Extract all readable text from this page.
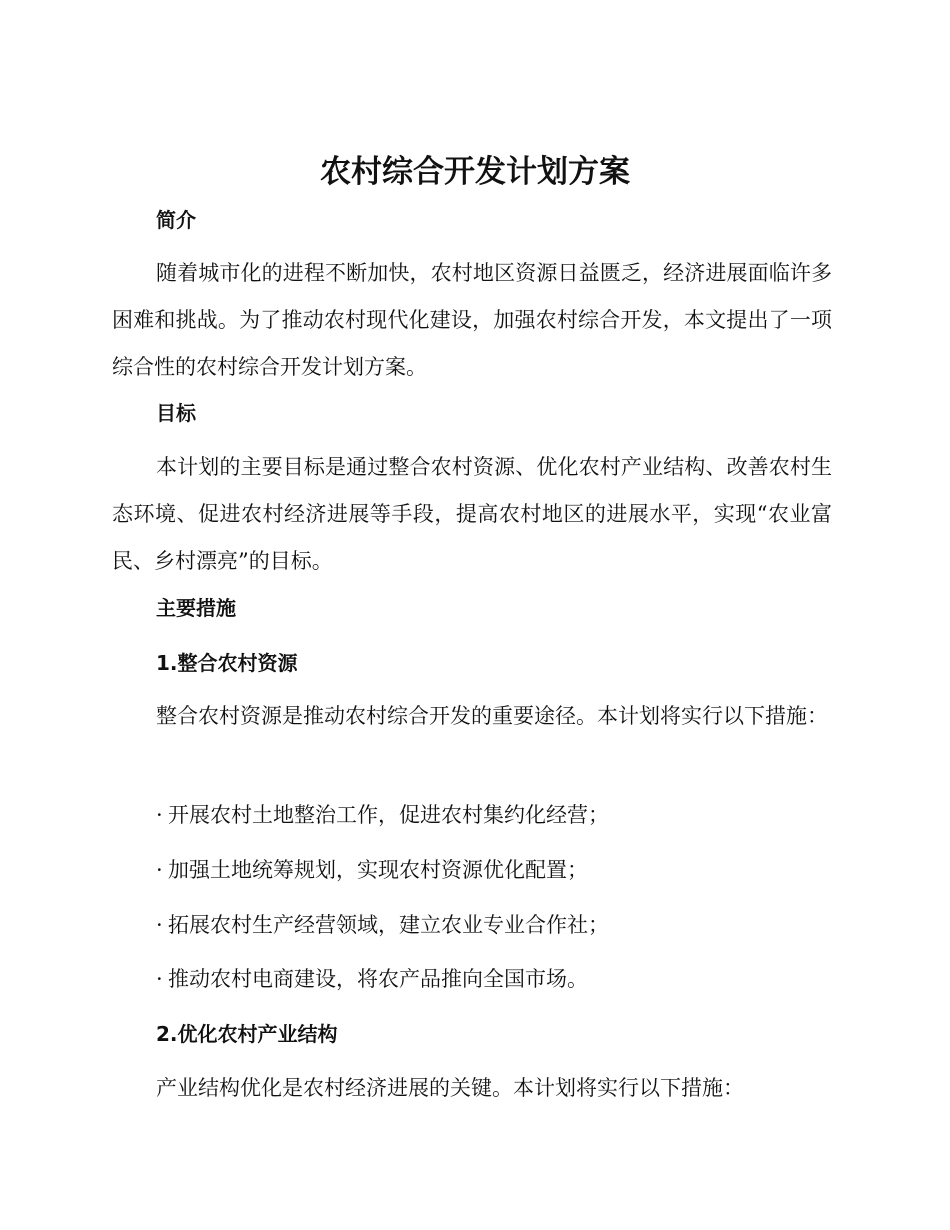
农村综合开发计划方案
简介

随着城市化的进程不断加快，农村地区资源日益匮乏，经济进展面临许多困难和挑战。为了推动农村现代化建设，加强农村综合开发，本文提出了一项综合性的农村综合开发计划方案。

目标

本计划的主要目标是通过整合农村资源、优化农村产业结构、改善农村生态环境、促进农村经济进展等手段，提高农村地区的进展水平，实现“农业富民、乡村漂亮”的目标。

主要措施
1.整合农村资源

整合农村资源是推动农村综合开发的重要途径。本计划将实行以下措施：

· 开展农村土地整治工作，促进农村集约化经营；

· 加强土地统筹规划，实现农村资源优化配置；

· 拓展农村生产经营领域，建立农业专业合作社；

· 推动农村电商建设，将农产品推向全国市场。

2.优化农村产业结构

产业结构优化是农村经济进展的关键。本计划将实行以下措施：
